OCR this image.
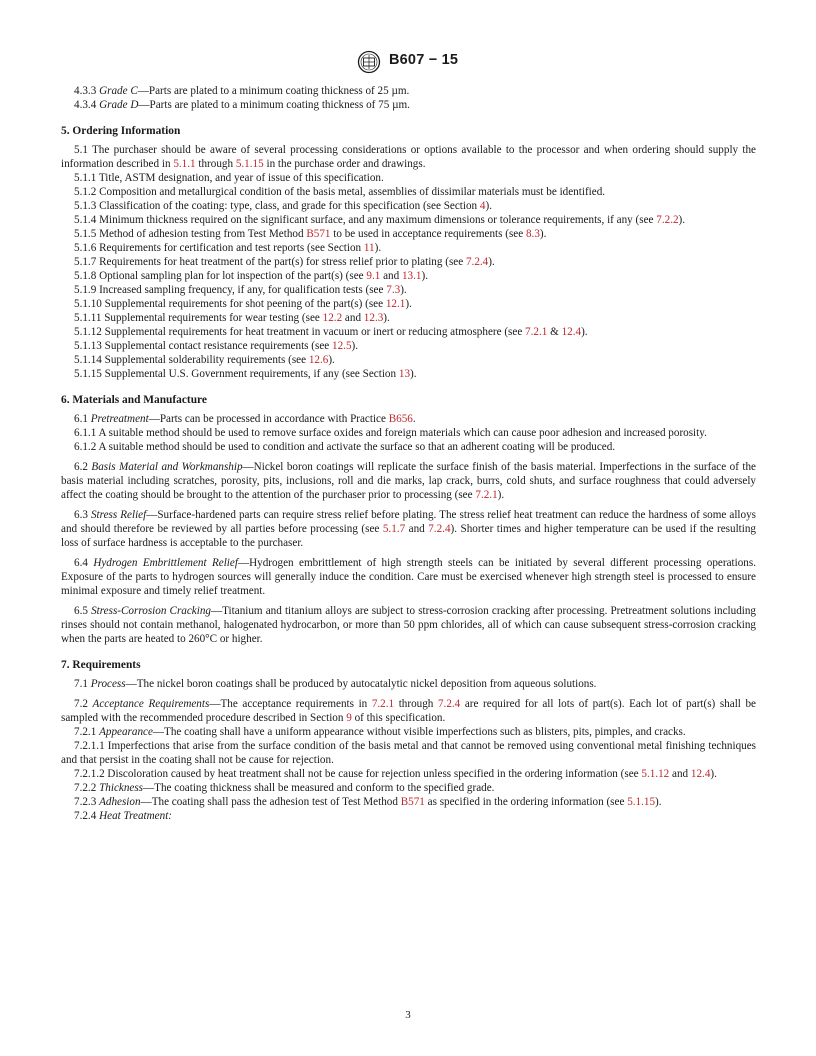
B607 − 15

4.3.3 Grade C—Parts are plated to a minimum coating thickness of 25 µm.

4.3.4 Grade D—Parts are plated to a minimum coating thickness of 75 µm.

5. Ordering Information

5.1 The purchaser should be aware of several processing considerations or options available to the processor and when ordering should supply the information described in 5.1.1 through 5.1.15 in the purchase order and drawings.

5.1.1 Title, ASTM designation, and year of issue of this specification.

5.1.2 Composition and metallurgical condition of the basis metal, assemblies of dissimilar materials must be identified.

5.1.3 Classification of the coating: type, class, and grade for this specification (see Section 4).

5.1.4 Minimum thickness required on the significant surface, and any maximum dimensions or tolerance requirements, if any (see 7.2.2).

5.1.5 Method of adhesion testing from Test Method B571 to be used in acceptance requirements (see 8.3).

5.1.6 Requirements for certification and test reports (see Section 11).

5.1.7 Requirements for heat treatment of the part(s) for stress relief prior to plating (see 7.2.4).

5.1.8 Optional sampling plan for lot inspection of the part(s) (see 9.1 and 13.1).

5.1.9 Increased sampling frequency, if any, for qualification tests (see 7.3).

5.1.10 Supplemental requirements for shot peening of the part(s) (see 12.1).

5.1.11 Supplemental requirements for wear testing (see 12.2 and 12.3).

5.1.12 Supplemental requirements for heat treatment in vacuum or inert or reducing atmosphere (see 7.2.1 & 12.4).

5.1.13 Supplemental contact resistance requirements (see 12.5).

5.1.14 Supplemental solderability requirements (see 12.6).

5.1.15 Supplemental U.S. Government requirements, if any (see Section 13).

6. Materials and Manufacture

6.1 Pretreatment—Parts can be processed in accordance with Practice B656.

6.1.1 A suitable method should be used to remove surface oxides and foreign materials which can cause poor adhesion and increased porosity.

6.1.2 A suitable method should be used to condition and activate the surface so that an adherent coating will be produced.

6.2 Basis Material and Workmanship—Nickel boron coatings will replicate the surface finish of the basis material. Imperfections in the surface of the basis material including scratches, porosity, pits, inclusions, roll and die marks, lap crack, burrs, cold shuts, and surface roughness that could adversely affect the coating should be brought to the attention of the purchaser prior to processing (see 7.2.1).

6.3 Stress Relief—Surface-hardened parts can require stress relief before plating. The stress relief heat treatment can reduce the hardness of some alloys and should therefore be reviewed by all parties before processing (see 5.1.7 and 7.2.4). Shorter times and higher temperature can be used if the resulting loss of surface hardness is acceptable to the purchaser.

6.4 Hydrogen Embrittlement Relief—Hydrogen embrittlement of high strength steels can be initiated by several different processing operations. Exposure of the parts to hydrogen sources will generally induce the condition. Care must be exercised whenever high strength steel is processed to ensure minimal exposure and timely relief treatment.

6.5 Stress-Corrosion Cracking—Titanium and titanium alloys are subject to stress-corrosion cracking after processing. Pretreatment solutions including rinses should not contain methanol, halogenated hydrocarbon, or more than 50 ppm chlorides, all of which can cause subsequent stress-corrosion cracking when the parts are heated to 260°C or higher.

7. Requirements

7.1 Process—The nickel boron coatings shall be produced by autocatalytic nickel deposition from aqueous solutions.

7.2 Acceptance Requirements—The acceptance requirements in 7.2.1 through 7.2.4 are required for all lots of part(s). Each lot of part(s) shall be sampled with the recommended procedure described in Section 9 of this specification.

7.2.1 Appearance—The coating shall have a uniform appearance without visible imperfections such as blisters, pits, pimples, and cracks.

7.2.1.1 Imperfections that arise from the surface condition of the basis metal and that cannot be removed using conventional metal finishing techniques and that persist in the coating shall not be cause for rejection.

7.2.1.2 Discoloration caused by heat treatment shall not be cause for rejection unless specified in the ordering information (see 5.1.12 and 12.4).

7.2.2 Thickness—The coating thickness shall be measured and conform to the specified grade.

7.2.3 Adhesion—The coating shall pass the adhesion test of Test Method B571 as specified in the ordering information (see 5.1.15).

7.2.4 Heat Treatment:

3
